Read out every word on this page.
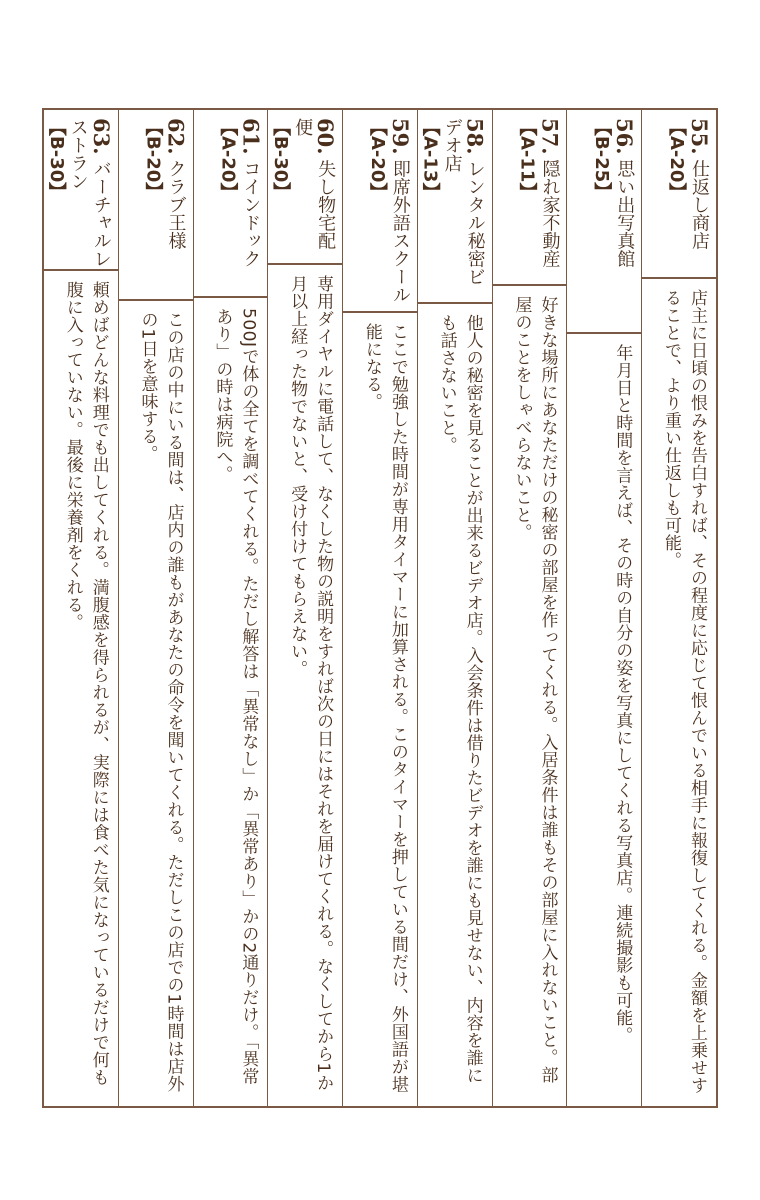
55. 仕返し商店
【A-20】
店主に日頃の恨みを告白すれば、その程度に応じて恨んでいる相手に報復してくれる。金額を上乗せすることで、より重い仕返しも可能。
56. 思い出写真館
【B-25】
年月日と時間を言えば、その時の自分の姿を写真にしてくれる写真店。連続撮影も可能。
57. 隠れ家不動産
【A-11】
好きな場所にあなただけの秘密の部屋を作ってくれる。入居条件は誰もその部屋に入れないこと。部屋のことをしゃべらないこと。
58. レンタル秘密ビデオ店
【A-13】
他人の秘密を見ることが出来るビデオ店。入会条件は借りたビデオを誰にも見せない、内容を誰にも話さないこと。
59. 即席外語スクール
【A-20】
ここで勉強した時間が専用タイマーに加算される。このタイマーを押している間だけ、外国語が堪能になる。
60. 失し物宅配便
【B-30】
専用ダイヤルに電話して、なくした物の説明をすれば次の日にはそれを届けてくれる。なくしてから1か月以上経った物でないと、受け付けてもらえない。
61. コインドック
【A-20】
500Jで体の全てを調べてくれる。ただし解答は「異常なし」か「異常あり」かの2通りだけ。「異常あり」の時は病院へ。
62. クラブ王様
【B-20】
この店の中にいる間は、店内の誰もがあなたの命令を聞いてくれる。ただしこの店での1時間は店外の1日を意味する。
63. バーチャルレストラン
【B-30】
頼めばどんな料理でも出してくれる。満腹感を得られるが、実際には食べた気になっているだけで何も腹に入っていない。最後に栄養剤をくれる。
